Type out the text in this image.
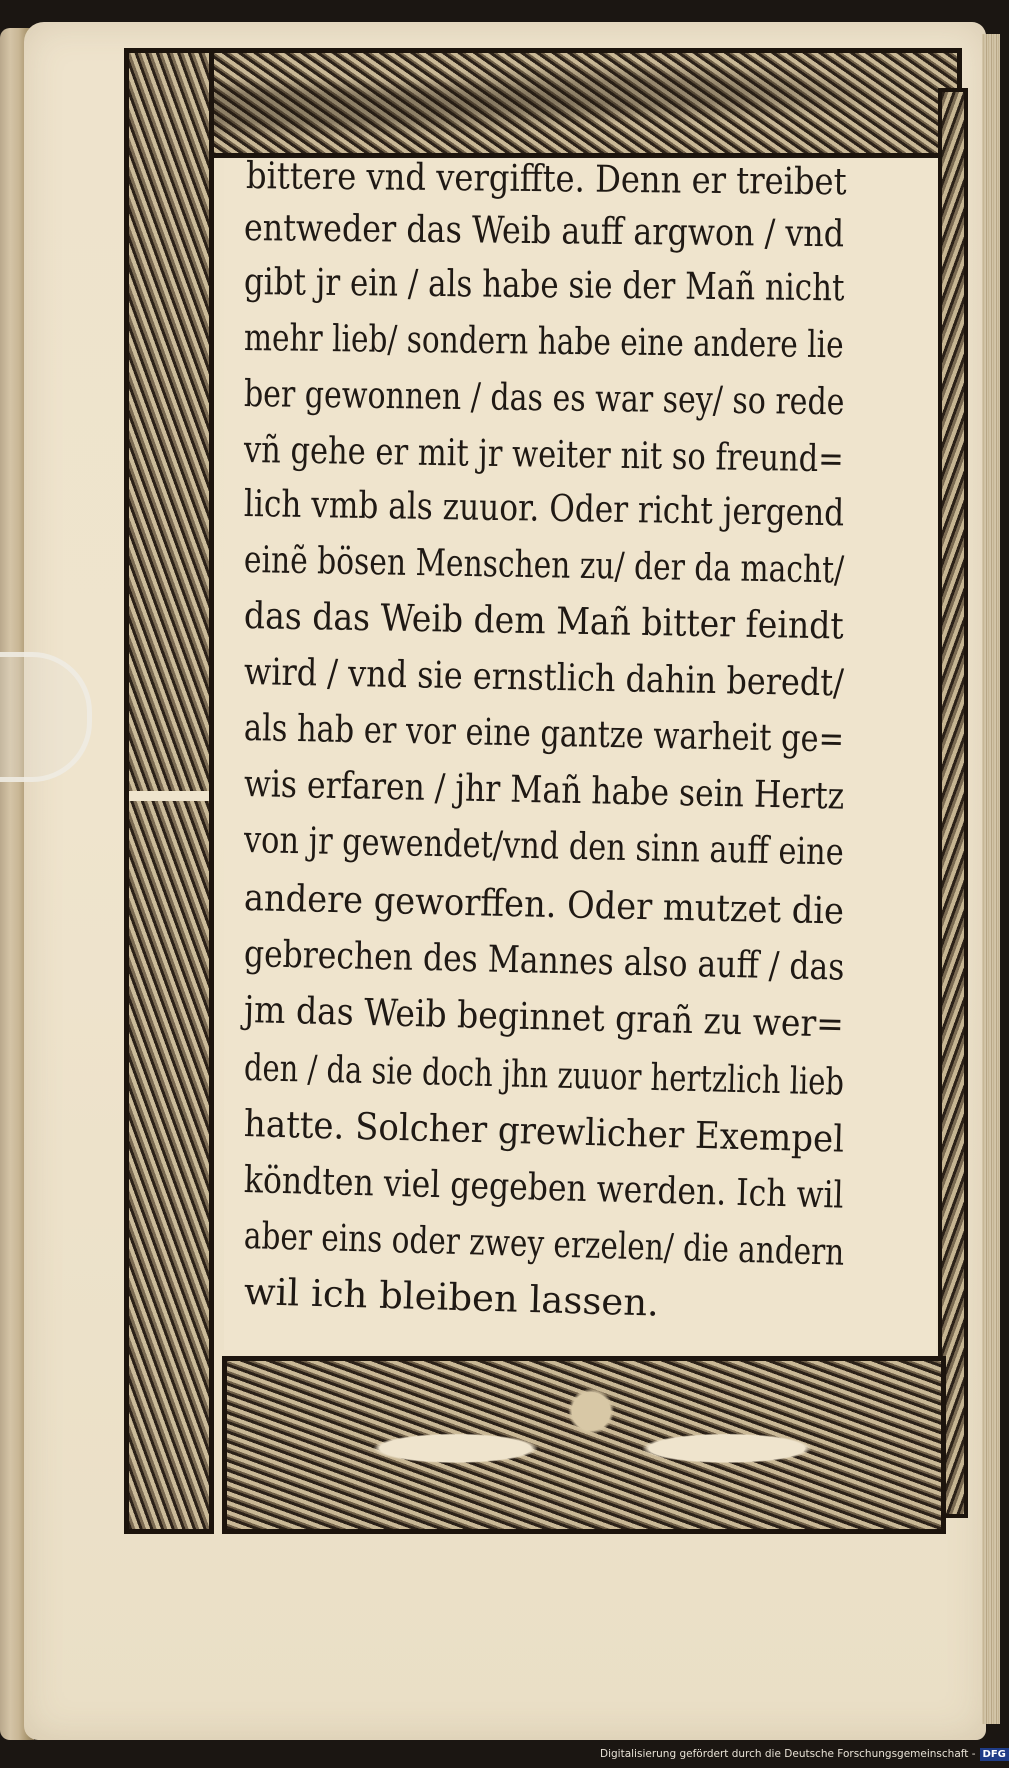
bittere vnd vergiffte. Denn er treibet
entweder das Weib auff argwon / vnd
gibt jr ein / als habe sie der Mañ nicht
mehr lieb/ sondern habe eine andere lie
ber gewonnen / das es war sey/ so rede
vñ gehe er mit jr weiter nit so freund=
lich vmb als zuuor. Oder richt jergend
einẽ bösen Menschen zu/ der da macht/
das das Weib dem Mañ bitter feindt
wird / vnd sie ernstlich dahin beredt/
als hab er vor eine gantze warheit ge=
wis erfaren / jhr Mañ habe sein Hertz
von jr gewendet/vnd den sinn auff eine
andere geworffen. Oder mutzet die
gebrechen des Mannes also auff / das
jm das Weib beginnet grañ zu wer=
den / da sie doch jhn zuuor hertzlich lieb
hatte. Solcher grewlicher Exempel
köndten viel gegeben werden. Ich wil
aber eins oder zwey erzelen/ die andern
wil ich bleiben lassen.
Digitalisierung gefördert durch die Deutsche Forschungsgemeinschaft - DFG
